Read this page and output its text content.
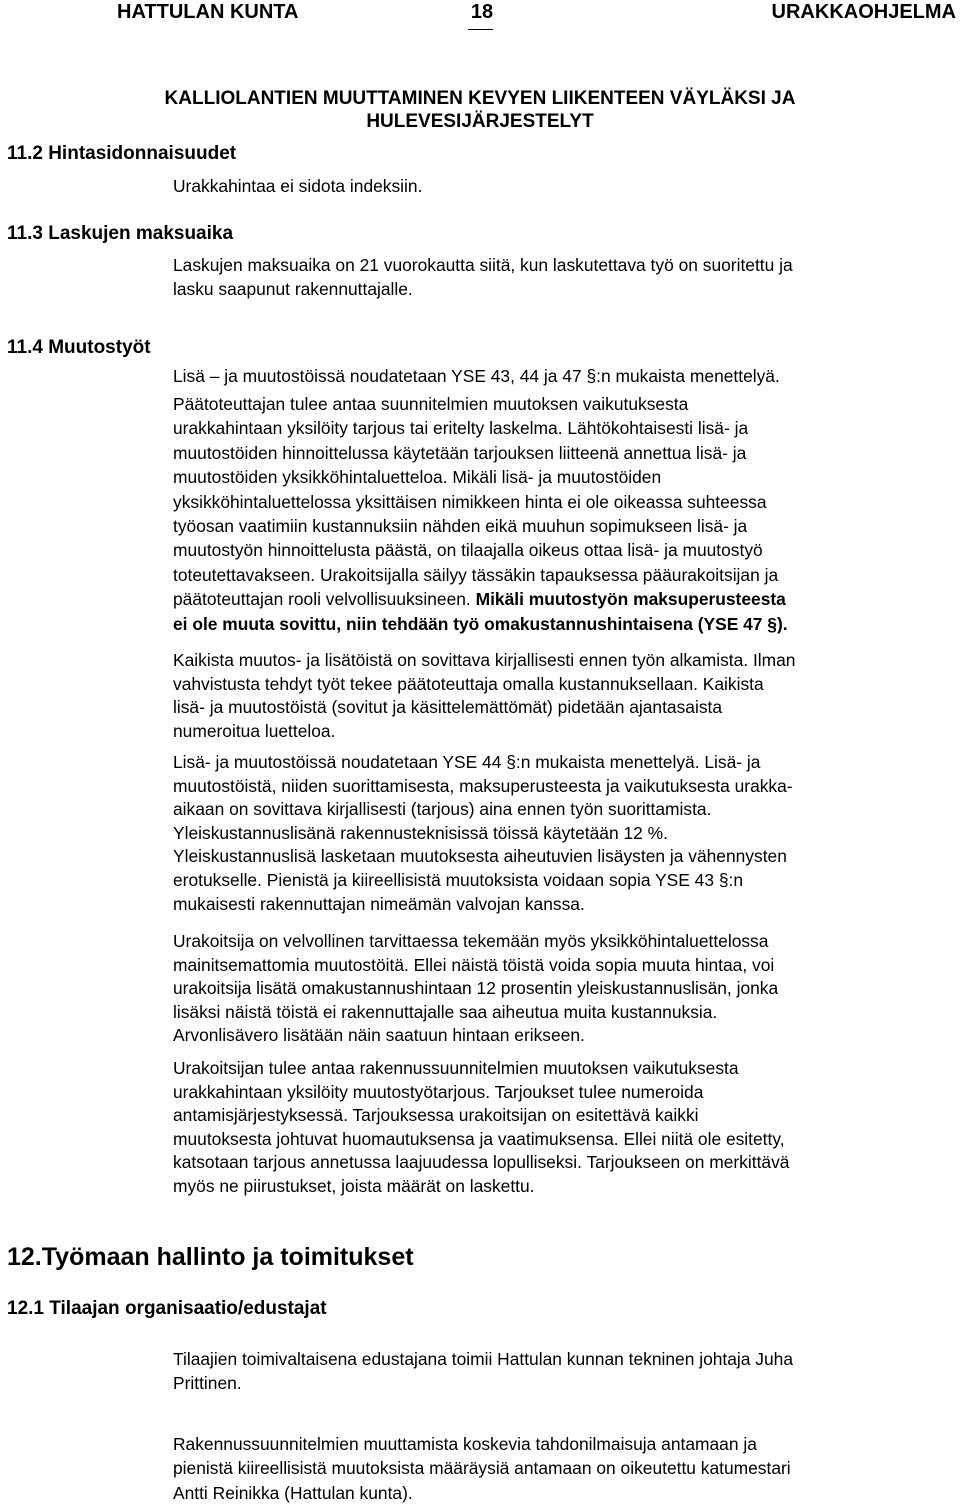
HATTULAN KUNTA	18	URAKKAOHJELMA
KALLIOLANTIEN MUUTTAMINEN KEVYEN LIIKENTEEN VÄYLÄKSI JA
HULEVESIJÄRJESTELYT
11.2 Hintasidonnaisuudet
Urakkahintaa ei sidota indeksiin.
11.3 Laskujen maksuaika
Laskujen maksuaika on 21 vuorokautta siitä, kun laskutettava työ on suoritettu ja
lasku saapunut rakennuttajalle.
11.4 Muutostyöt
Lisä – ja muutostöissä noudatetaan YSE 43, 44 ja 47 §:n mukaista menettelyä.
Päätoteuttajan tulee antaa suunnitelmien muutoksen vaikutuksesta
urakkahintaan yksilöity tarjous tai eritelty laskelma. Lähtökohtaisesti lisä- ja
muutostöiden hinnoittelussa käytetään tarjouksen liitteenä annettua lisä- ja
muutostöiden yksikköhintaluetteloa. Mikäli lisä- ja muutostöiden
yksikköhintaluettelossa yksittäisen nimikkeen hinta ei ole oikeassa suhteessa
työosan vaatimiin kustannuksiin nähden eikä muuhun sopimukseen lisä- ja
muutostyön hinnoittelusta päästä, on tilaajalla oikeus ottaa lisä- ja muutostyö
toteutettavakseen. Urakoitsijalla säilyy tässäkin tapauksessa pääurakoitsijan ja
päätoteuttajan rooli velvollisuuksineen. Mikäli muutostyön maksuperusteesta
ei ole muuta sovittu, niin tehdään työ omakustannushintaisena (YSE 47 §).
Kaikista muutos- ja lisätöistä on sovittava kirjallisesti ennen työn alkamista. Ilman
vahvistusta tehdyt työt tekee päätoteuttaja omalla kustannuksellaan. Kaikista
lisä- ja muutostöistä (sovitut ja käsittelemättömät) pidetään ajantasaista
numeroitua luetteloa.
Lisä- ja muutostöissä noudatetaan YSE 44 §:n mukaista menettelyä. Lisä- ja
muutostöistä, niiden suorittamisesta, maksuperusteesta ja vaikutuksesta urakka-
aikaan on sovittava kirjallisesti (tarjous) aina ennen työn suorittamista.
Yleiskustannuslisänä rakennusteknisissä töissä käytetään 12 %.
Yleiskustannuslisä lasketaan muutoksesta aiheutuvien lisäysten ja vähennysten
erotukselle. Pienistä ja kiireellisistä muutoksista voidaan sopia YSE 43 §:n
mukaisesti rakennuttajan nimeämän valvojan kanssa.
Urakoitsija on velvollinen tarvittaessa tekemään myös yksikköhintaluettelossa
mainitsemattomia muutostöitä. Ellei näistä töistä voida sopia muuta hintaa, voi
urakoitsija lisätä omakustannushintaan 12 prosentin yleiskustannuslisän, jonka
lisäksi näistä töistä ei rakennuttajalle saa aiheutua muita kustannuksia.
Arvonlisävero lisätään näin saatuun hintaan erikseen.
Urakoitsijan tulee antaa rakennussuunnitelmien muutoksen vaikutuksesta
urakkahintaan yksilöity muutostyötarjous. Tarjoukset tulee numeroida
antamisjärjestyksessä. Tarjouksessa urakoitsijan on esitettävä kaikki
muutoksesta johtuvat huomautuksensa ja vaatimuksensa. Ellei niitä ole esitetty,
katsotaan tarjous annetussa laajuudessa lopulliseksi. Tarjoukseen on merkittävä
myös ne piirustukset, joista määrät on laskettu.
12.Työmaan hallinto ja toimitukset
12.1 Tilaajan organisaatio/edustajat
Tilaajien toimivaltaisena edustajana toimii Hattulan kunnan tekninen johtaja Juha
Prittinen.
Rakennussuunnitelmien muuttamista koskevia tahdonilmaisuja antamaan ja
pienistä kiireellisistä muutoksista määräysiä antamaan on oikeutettu katumestari
Antti Reinikka (Hattulan kunta).
